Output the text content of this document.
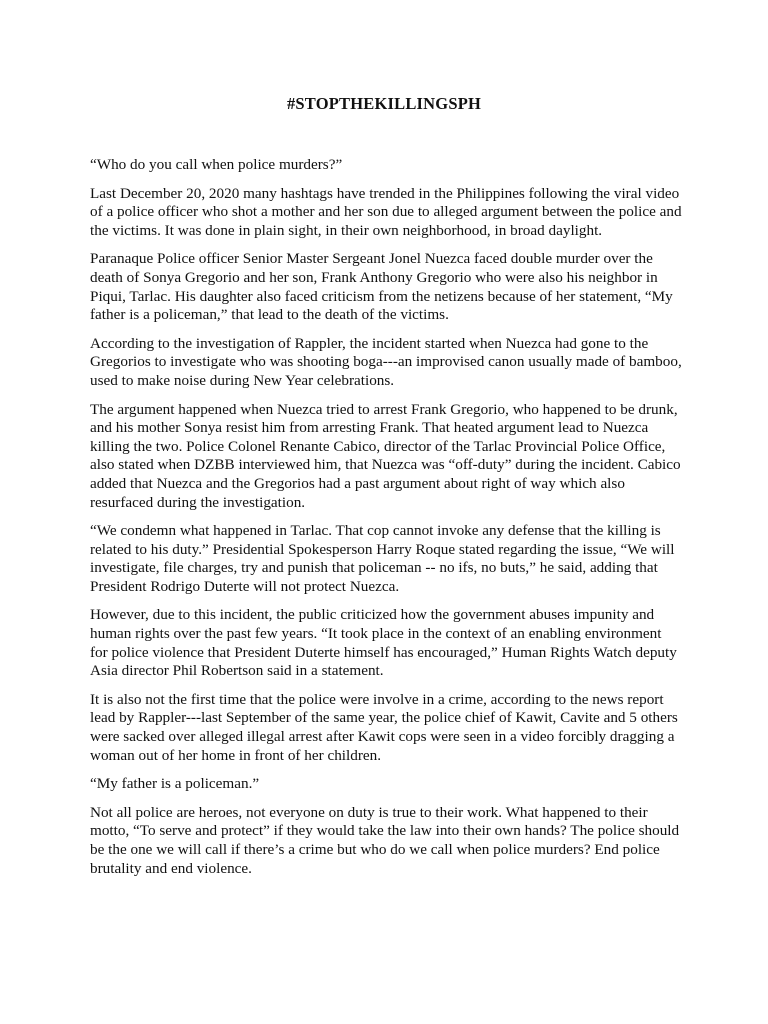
#STOPTHEKILLINGSPH

“Who do you call when police murders?”

Last December 20, 2020 many hashtags have trended in the Philippines following the viral video
of a police officer who shot a mother and her son due to alleged argument between the police and
the victims. It was done in plain sight, in their own neighborhood, in broad daylight.

Paranaque Police officer Senior Master Sergeant Jonel Nuezca faced double murder over the
death of Sonya Gregorio and her son, Frank Anthony Gregorio who were also his neighbor in
Piqui, Tarlac. His daughter also faced criticism from the netizens because of her statement, “My
father is a policeman,” that lead to the death of the victims.

According to the investigation of Rappler, the incident started when Nuezca had gone to the
Gregorios to investigate who was shooting boga---an improvised canon usually made of bamboo,
used to make noise during New Year celebrations.

The argument happened when Nuezca tried to arrest Frank Gregorio, who happened to be drunk,
and his mother Sonya resist him from arresting Frank. That heated argument lead to Nuezca
killing the two. Police Colonel Renante Cabico, director of the Tarlac Provincial Police Office,
also stated when DZBB interviewed him, that Nuezca was “off-duty” during the incident. Cabico
added that Nuezca and the Gregorios had a past argument about right of way which also
resurfaced during the investigation.

“We condemn what happened in Tarlac. That cop cannot invoke any defense that the killing is
related to his duty.” Presidential Spokesperson Harry Roque stated regarding the issue, “We will
investigate, file charges, try and punish that policeman -- no ifs, no buts,” he said, adding that
President Rodrigo Duterte will not protect Nuezca.

However, due to this incident, the public criticized how the government abuses impunity and
human rights over the past few years. “It took place in the context of an enabling environment
for police violence that President Duterte himself has encouraged,” Human Rights Watch deputy
Asia director Phil Robertson said in a statement.

It is also not the first time that the police were involve in a crime, according to the news report
lead by Rappler---last September of the same year, the police chief of Kawit, Cavite and 5 others
were sacked over alleged illegal arrest after Kawit cops were seen in a video forcibly dragging a
woman out of her home in front of her children.

“My father is a policeman.”

Not all police are heroes, not everyone on duty is true to their work. What happened to their
motto, “To serve and protect” if they would take the law into their own hands? The police should
be the one we will call if there’s a crime but who do we call when police murders? End police
brutality and end violence.
